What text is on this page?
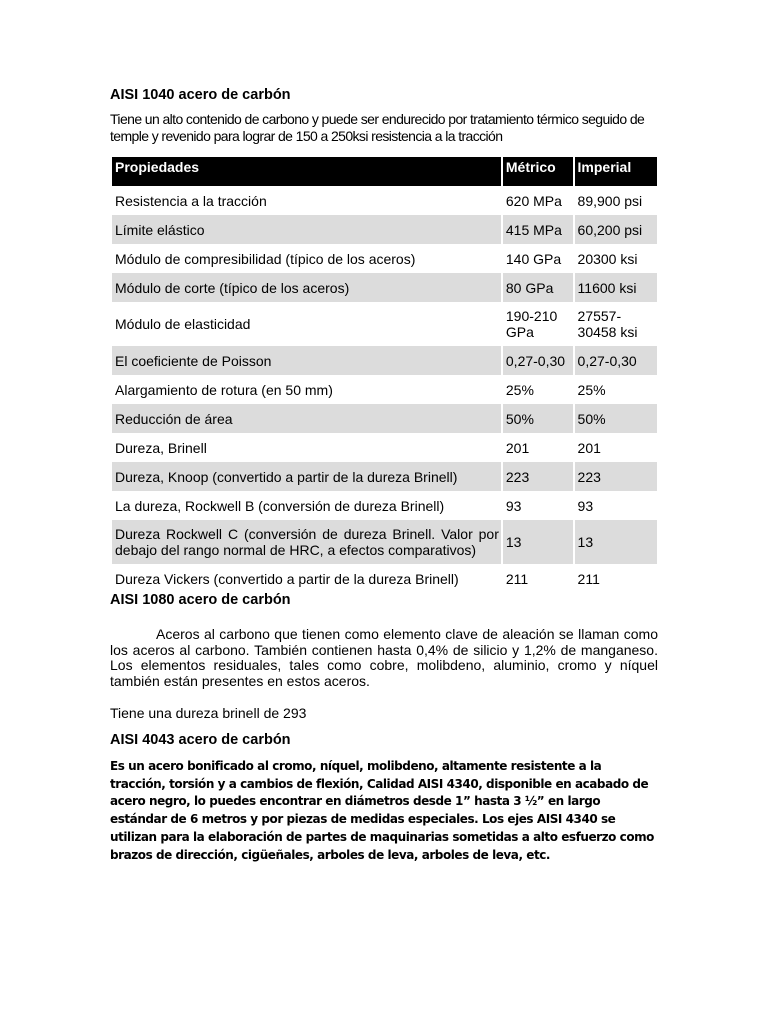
AISI 1040 acero de carbón
Tiene un alto contenido de carbono y puede ser endurecido por tratamiento térmico seguido de temple y revenido para lograr de 150 a 250ksi resistencia a la tracción
Propiedades	Métrico	Imperial
Resistencia a la tracción	620 MPa	89,900 psi
Límite elástico	415 MPa	60,200 psi
Módulo de compresibilidad (típico de los aceros)	140 GPa	20300 ksi
Módulo de corte (típico de los aceros)	80 GPa	11600 ksi
Módulo de elasticidad	190-210 GPa	27557-30458 ksi
El coeficiente de Poisson	0,27-0,30	0,27-0,30
Alargamiento de rotura (en 50 mm)	25%	25%
Reducción de área	50%	50%
Dureza, Brinell	201	201
Dureza, Knoop (convertido a partir de la dureza Brinell)	223	223
La dureza, Rockwell B (conversión de dureza Brinell)	93	93
Dureza Rockwell C (conversión de dureza Brinell. Valor por debajo del rango normal de HRC, a efectos comparativos)	13	13
Dureza Vickers (convertido a partir de la dureza Brinell)	211	211
AISI 1080 acero de carbón
Aceros al carbono que tienen como elemento clave de aleación se llaman como los aceros al carbono. También contienen hasta 0,4% de silicio y 1,2% de manganeso. Los elementos residuales, tales como cobre, molibdeno, aluminio, cromo y níquel también están presentes en estos aceros.
Tiene una dureza brinell de 293
AISI 4043 acero de carbón
Es un acero bonificado al cromo, níquel, molibdeno, altamente resistente a la tracción, torsión y a cambios de flexión, Calidad AISI 4340, disponible en acabado de acero negro, lo puedes encontrar en diámetros desde 1” hasta 3 ½” en largo estándar de 6 metros y por piezas de medidas especiales. Los ejes AISI 4340 se utilizan para la elaboración de partes de maquinarias sometidas a alto esfuerzo como brazos de dirección, cigüeñales, arboles de leva, arboles de leva, etc.
